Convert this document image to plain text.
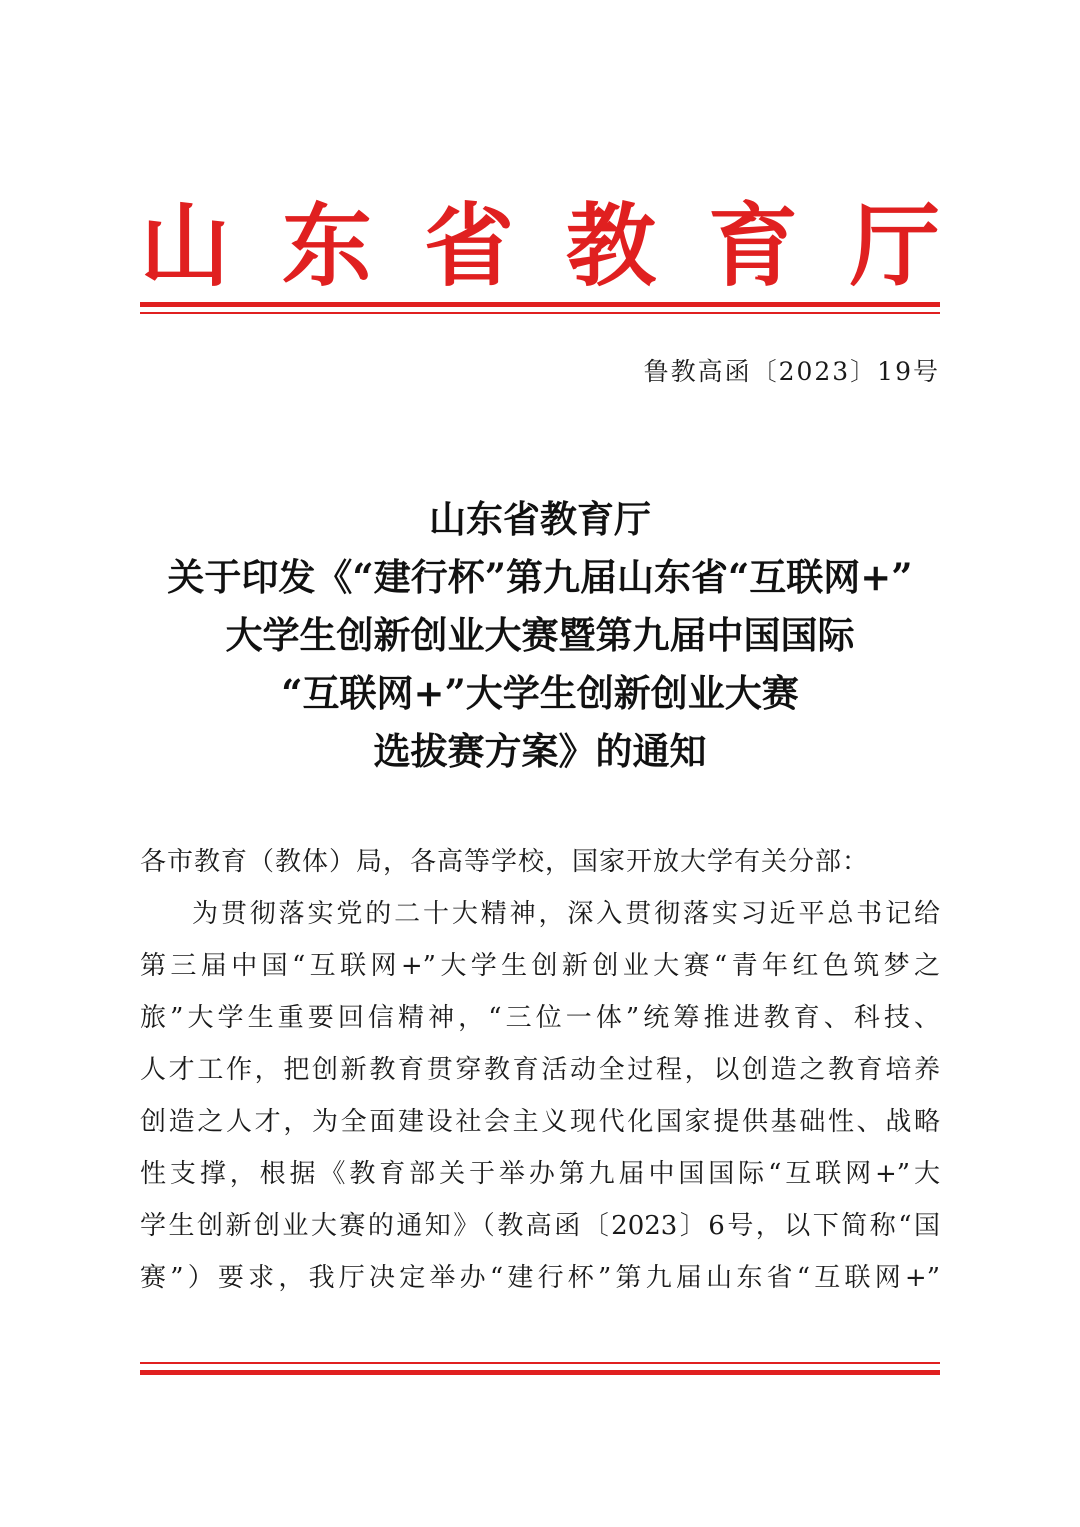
山 东 省 教 育 厅
鲁教高函〔2023〕19号
山东省教育厅
关于印发《“建行杯”第九届山东省“互联网+”
大学生创新创业大赛暨第九届中国国际
“互联网+”大学生创新创业大赛
选拔赛方案》的通知
各市教育（教体）局，各高等学校，国家开放大学有关分部：
为贯彻落实党的二十大精神，深入贯彻落实习近平总书记给
第三届中国“互联网+”大学生创新创业大赛“青年红色筑梦之
旅”大学生重要回信精神，“三位一体”统筹推进教育、科技、
人才工作，把创新教育贯穿教育活动全过程，以创造之教育培养
创造之人才，为全面建设社会主义现代化国家提供基础性、战略
性支撑，根据《教育部关于举办第九届中国国际“互联网+”大
学生创新创业大赛的通知》（教高函〔2023〕6号，以下简称“国
赛”）要求，我厅决定举办“建行杯”第九届山东省“互联网+”
